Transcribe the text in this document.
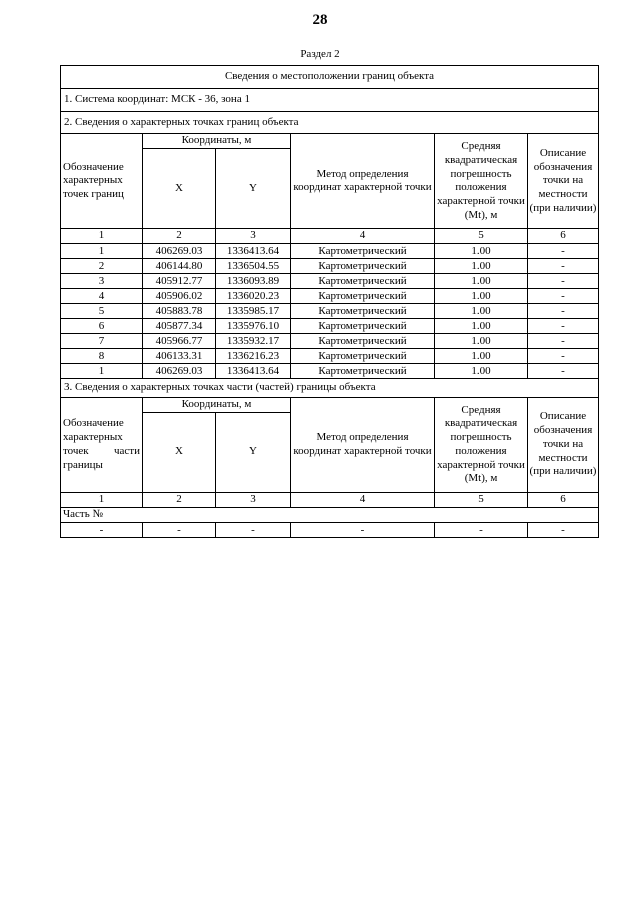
28
Раздел 2
Сведения о местоположении границ объекта					
1. Система координат: МСК - 36, зона 1					
2. Сведения о характерных точках границ объекта					
Обозначение характерных точек границ	Координаты, м		Метод определения координат характерной точки	Средняя квадратическая погрешность положения характерной точки (Mt), м	Описание обозначения точки на местности (при наличии)
	X	Y			
1	2	3	4	5	6
1	406269.03	1336413.64	Картометрический	1.00	-
2	406144.80	1336504.55	Картометрический	1.00	-
3	405912.77	1336093.89	Картометрический	1.00	-
4	405906.02	1336020.23	Картометрический	1.00	-
5	405883.78	1335985.17	Картометрический	1.00	-
6	405877.34	1335976.10	Картометрический	1.00	-
7	405966.77	1335932.17	Картометрический	1.00	-
8	406133.31	1336216.23	Картометрический	1.00	-
1	406269.03	1336413.64	Картометрический	1.00	-
3. Сведения о характерных точках части (частей) границы объекта					

Обозначение характерных точек части границы	Координаты, м		Метод определения координат характерной точки	Средняя квадратическая погрешность положения характерной точки (Mt), м	Описание обозначения точки на местности (при наличии)
	X	Y			
1	2	3	4	5	6
Часть №					
-	-	-	-	-	-
